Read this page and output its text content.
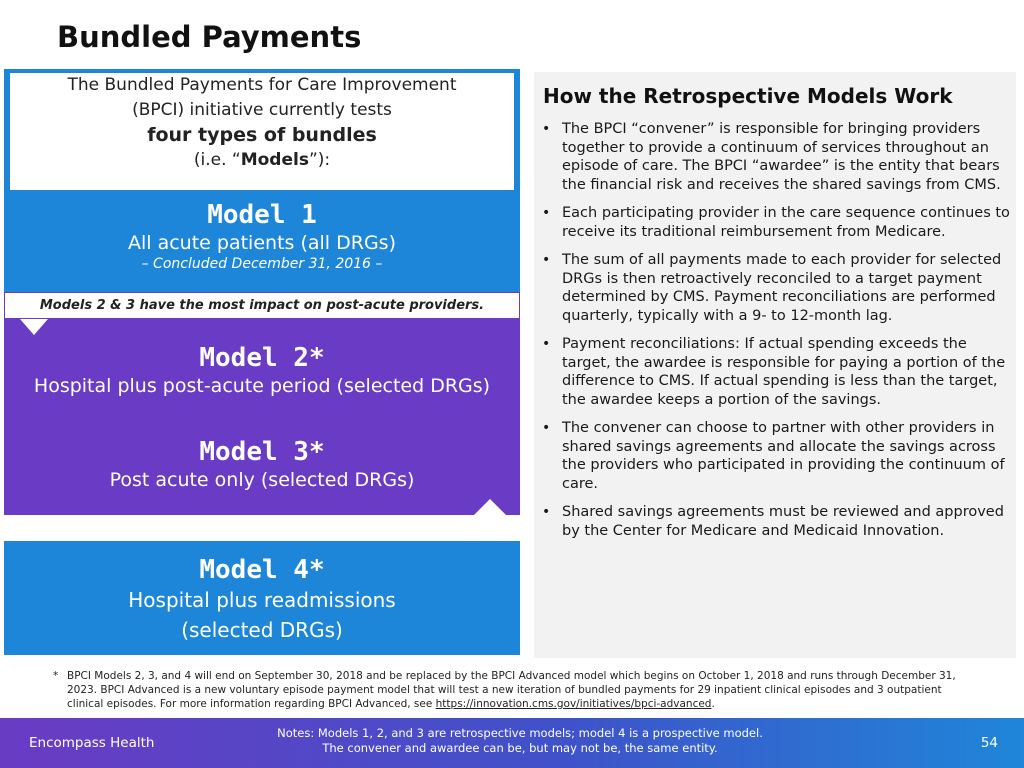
Bundled Payments
The Bundled Payments for Care Improvement
(BPCI) initiative currently tests
four types of bundles
(i.e. “Models”):
Model 1
All acute patients (all DRGs)
– Concluded December 31, 2016 –
Models 2 & 3 have the most impact on post-acute providers.
Model 2*
Hospital plus post-acute period (selected DRGs)
Model 3*
Post acute only (selected DRGs)
Model 4*
Hospital plus readmissions
(selected DRGs)
How the Retrospective Models Work
• The BPCI “convener” is responsible for bringing providers together to provide a continuum of services throughout an episode of care. The BPCI “awardee” is the entity that bears the financial risk and receives the shared savings from CMS.
• Each participating provider in the care sequence continues to receive its traditional reimbursement from Medicare.
• The sum of all payments made to each provider for selected DRGs is then retroactively reconciled to a target payment determined by CMS. Payment reconciliations are performed quarterly, typically with a 9- to 12-month lag.
• Payment reconciliations: If actual spending exceeds the target, the awardee is responsible for paying a portion of the difference to CMS. If actual spending is less than the target, the awardee keeps a portion of the savings.
• The convener can choose to partner with other providers in shared savings agreements and allocate the savings across the providers who participated in providing the continuum of care.
• Shared savings agreements must be reviewed and approved by the Center for Medicare and Medicaid Innovation.
* BPCI Models 2, 3, and 4 will end on September 30, 2018 and be replaced by the BPCI Advanced model which begins on October 1, 2018 and runs through December 31, 2023. BPCI Advanced is a new voluntary episode payment model that will test a new iteration of bundled payments for 29 inpatient clinical episodes and 3 outpatient clinical episodes. For more information regarding BPCI Advanced, see https://innovation.cms.gov/initiatives/bpci-advanced.
Encompass Health
Notes: Models 1, 2, and 3 are retrospective models; model 4 is a prospective model.
The convener and awardee can be, but may not be, the same entity.	54
